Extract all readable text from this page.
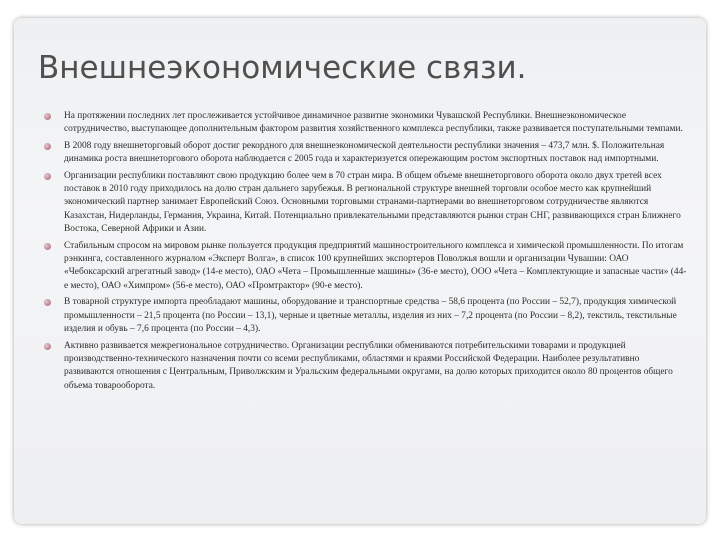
Внешнеэкономические связи.
На протяжении последних лет прослеживается устойчивое динамичное развитие экономики Чувашской Республики. Внешнеэкономическое сотрудничество, выступающее дополнительным фактором развития хозяйственного комплекса республики, также развивается поступательными темпами.
В 2008 году внешнеторговый оборот достиг рекордного для внешнеэкономической деятельности республики значения – 473,7 млн. $. Положительная динамика роста внешнеторгового оборота наблюдается с 2005 года и характеризуется опережающим ростом экспортных поставок над импортными.
Организации республики поставляют свою продукцию более чем в 70 стран мира. В общем объеме внешнеторгового оборота около двух третей всех поставок в 2010 году приходилось на долю стран дальнего зарубежья. В региональной структуре внешней торговли особое место как крупнейший экономический партнер занимает Европейский Союз. Основными торговыми странами-партнерами во внешнеторговом сотрудничестве являются Казахстан, Нидерланды, Германия, Украина, Китай. Потенциально привлекательными представляются рынки стран СНГ, развивающихся стран Ближнего Востока, Северной Африки и Азии.
Стабильным спросом на мировом рынке пользуется продукция предприятий машиностроительного комплекса и химической промышленности. По итогам рэнкинга, составленного журналом «Эксперт Волга», в список 100 крупнейших экспортеров Поволжья вошли и организации Чувашии: ОАО «Чебоксарский агрегатный завод» (14-е место), ОАО «Чета – Промышленные машины» (36-е место), ООО «Чета – Комплектующие и запасные части» (44-е место), ОАО «Химпром» (56-е место), ОАО «Промтрактор» (90-е место).
В товарной структуре импорта преобладают машины, оборудование и транспортные средства – 58,6 процента (по России – 52,7), продукция химической промышленности – 21,5 процента (по России – 13,1), черные и цветные металлы, изделия из них – 7,2 процента (по России – 8,2), текстиль, текстильные изделия и обувь – 7,6 процента (по России – 4,3).
Активно развивается межрегиональное сотрудничество. Организации республики обмениваются потребительскими товарами и продукцией производственно-технического назначения почти со всеми республиками, областями и краями Российской Федерации. Наиболее результативно развиваются отношения с Центральным, Приволжским и Уральским федеральными округами, на долю которых приходится около 80 процентов общего объема товарооборота.
